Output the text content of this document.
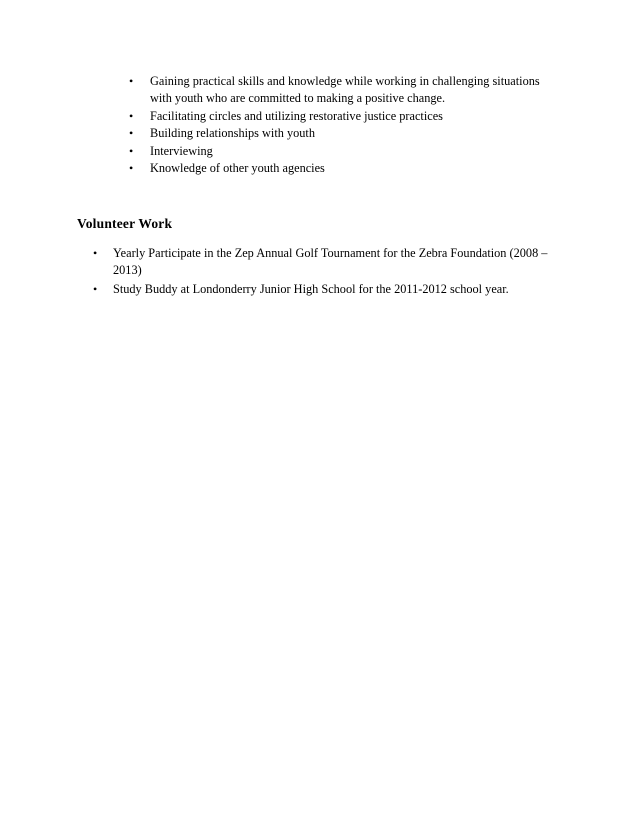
• Gaining practical skills and knowledge while working in challenging situations with youth who are committed to making a positive change.
• Facilitating circles and utilizing restorative justice practices
• Building relationships with youth
• Interviewing
• Knowledge of other youth agencies
Volunteer Work
• Yearly Participate in the Zep Annual Golf Tournament for the Zebra Foundation (2008 – 2013)
• Study Buddy at Londonderry Junior High School for the 2011-2012 school year.
